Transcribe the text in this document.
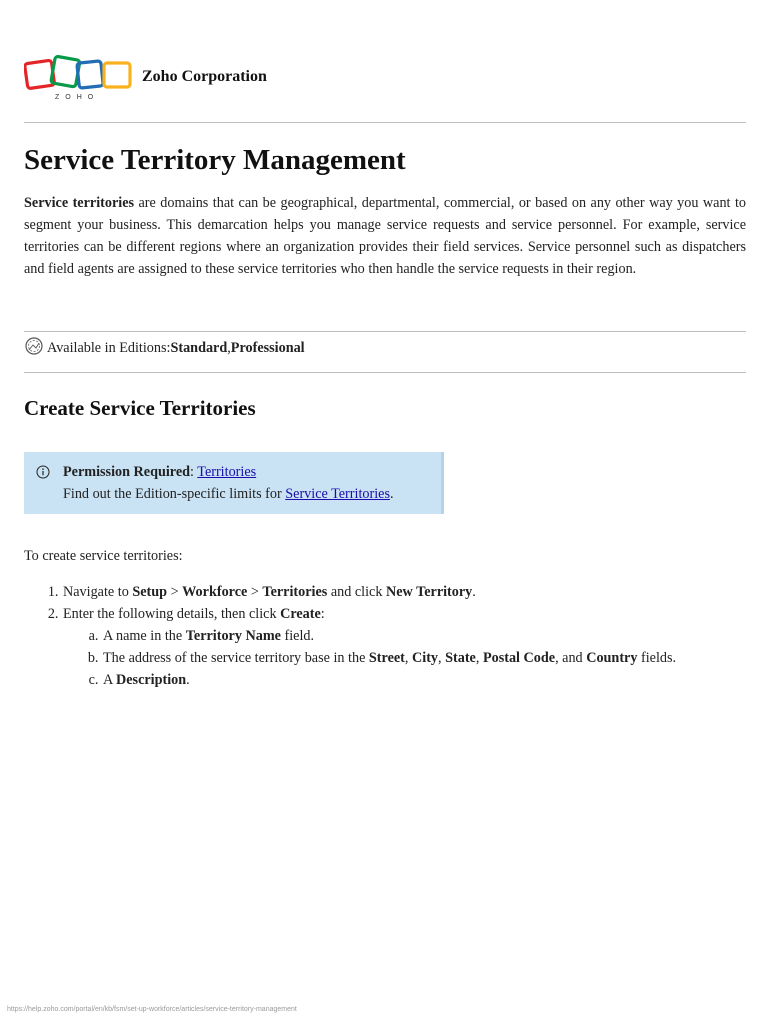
ZOHO
Zoho Corporation
Service Territory Management

Service territories are domains that can be geographical, departmental, commercial, or based on any other way you want to segment your business. This demarcation helps you manage service requests and service personnel. For example, service territories can be different regions where an organization provides their field services. Service personnel such as dispatchers and field agents are assigned to these service territories who then handle the service requests in their region.

Available in Editions: Standard , Professional
Create Service Territories
Permission Required: Territories
Find out the Edition-specific limits for Service Territories.

To create service territories:

1. Navigate to Setup > Workforce > Territories and click New Territory.
2. Enter the following details, then click Create:
a. A name in the Territory Name field.
b. The address of the service territory base in the Street, City, State, Postal Code, and Country fields.
c. A Description.
https://help.zoho.com/portal/en/kb/fsm/set-up-workforce/articles/service-territory-management
